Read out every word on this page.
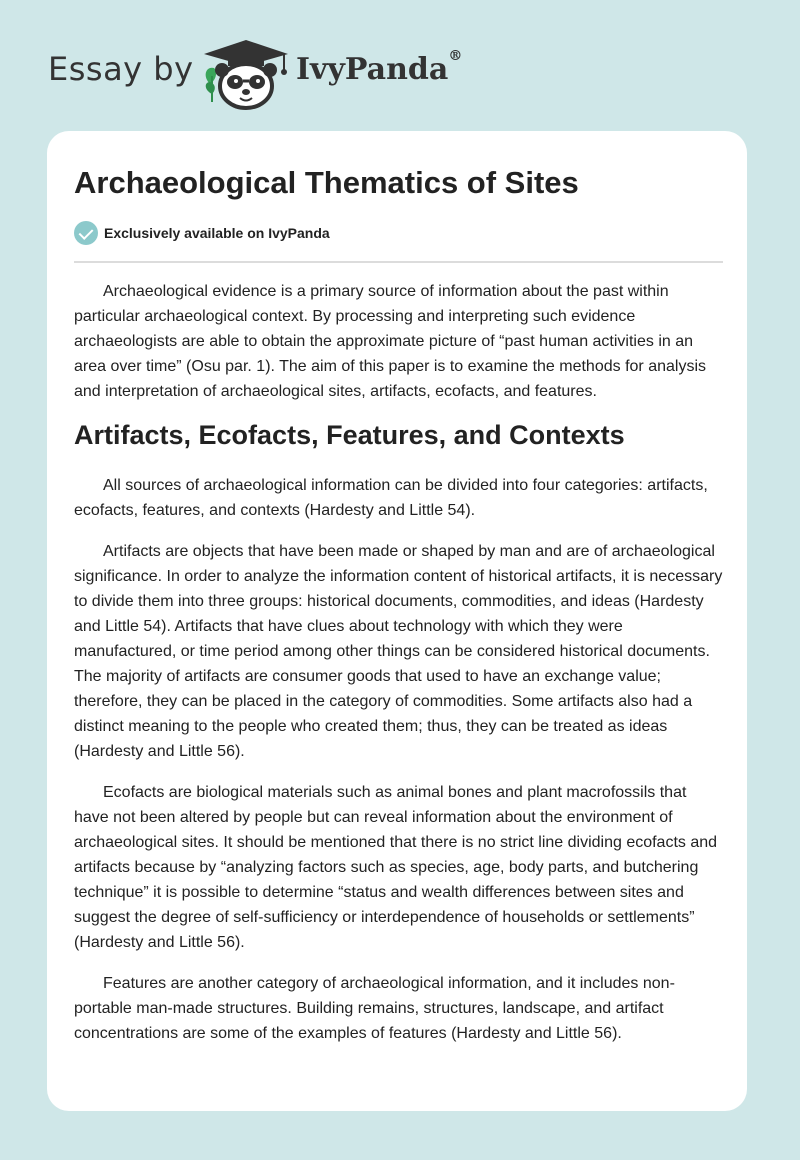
Essay by	IvyPanda®
Archaeological Thematics of Sites
Exclusively available on IvyPanda

Archaeological evidence is a primary source of information about the past within particular archaeological context. By processing and interpreting such evidence archaeologists are able to obtain the approximate picture of “past human activities in an area over time” (Osu par. 1). The aim of this paper is to examine the methods for analysis and interpretation of archaeological sites, artifacts, ecofacts, and features.

Artifacts, Ecofacts, Features, and Contexts

All sources of archaeological information can be divided into four categories: artifacts, ecofacts, features, and contexts (Hardesty and Little 54).

Artifacts are objects that have been made or shaped by man and are of archaeological significance. In order to analyze the information content of historical artifacts, it is necessary to divide them into three groups: historical documents, commodities, and ideas (Hardesty and Little 54). Artifacts that have clues about technology with which they were manufactured, or time period among other things can be considered historical documents. The majority of artifacts are consumer goods that used to have an exchange value; therefore, they can be placed in the category of commodities. Some artifacts also had a distinct meaning to the people who created them; thus, they can be treated as ideas (Hardesty and Little 56).

Ecofacts are biological materials such as animal bones and plant macrofossils that have not been altered by people but can reveal information about the environment of archaeological sites. It should be mentioned that there is no strict line dividing ecofacts and artifacts because by “analyzing factors such as species, age, body parts, and butchering technique” it is possible to determine “status and wealth differences between sites and suggest the degree of self-sufficiency or interdependence of households or settlements” (Hardesty and Little 56).

Features are another category of archaeological information, and it includes non-portable man-made structures. Building remains, structures, landscape, and artifact concentrations are some of the examples of features (Hardesty and Little 56).
